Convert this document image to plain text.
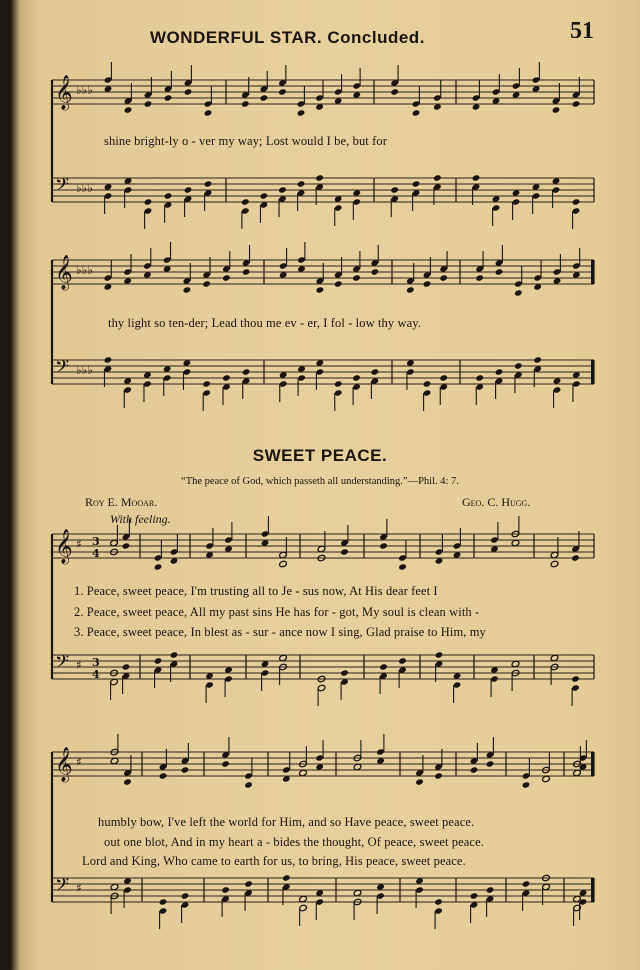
WONDERFUL STAR. Concluded.	51
𝄞 ♭♭♭
𝄢 ♭♭♭
𝄞 ♭♭♭
𝄢 ♭♭♭
𝄞 ♯ 3
4
𝄢 ♯ 3
4
𝄞 ♯
𝄢 ♯
shine bright-ly o - ver my way; Lost would I be, but for
thy light so ten-der; Lead thou me ev - er, I fol - low thy way.
SWEET PEACE.
“The peace of God, which passeth all understanding.”—Phil. 4: 7.
Roy E. Mooar.	Geo. C. Hugg.
With feeling.
1. Peace, sweet peace, I'm trusting all to Je - sus now, At His dear feet I
2. Peace, sweet peace, All my past sins He has for - got, My soul is clean with -
3. Peace, sweet peace, In blest as - sur - ance now I sing, Glad praise to Him, my
humbly bow, I've left the world for Him, and so Have peace, sweet peace.
out one blot, And in my heart a - bides the thought, Of peace, sweet peace.
Lord and King, Who came to earth for us, to bring, His peace, sweet peace.
